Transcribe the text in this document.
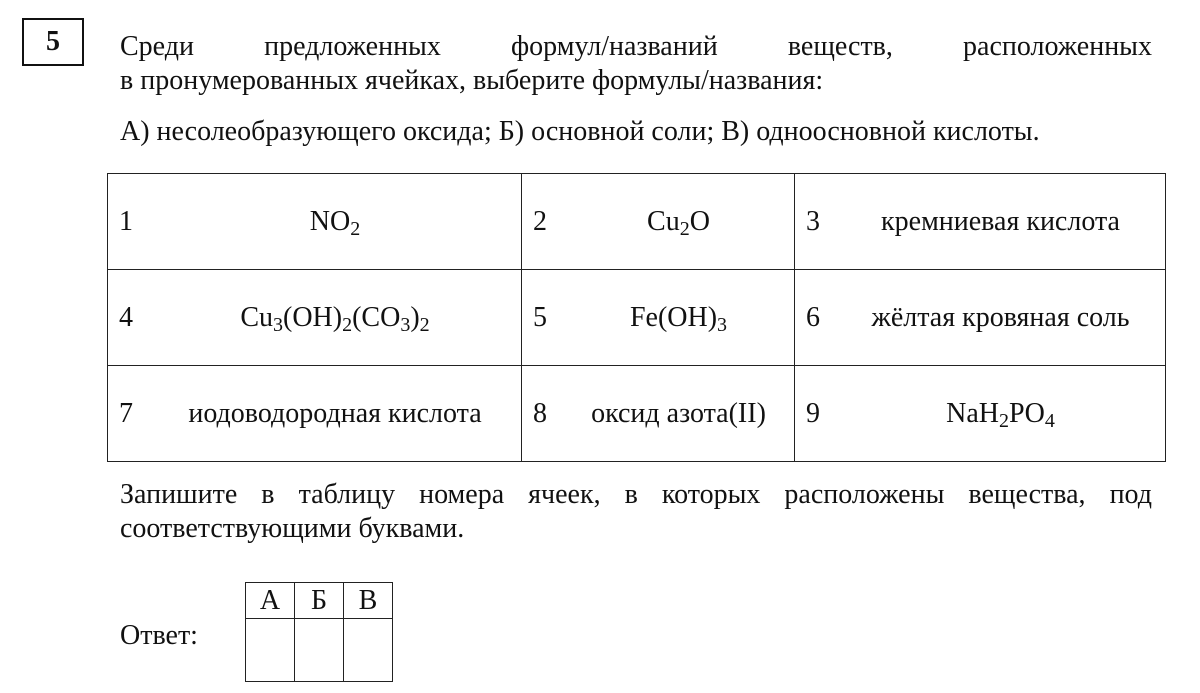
5	Среди предложенных формул/названий веществ, расположенных
в пронумерованных ячейках, выберите формулы/названия:
А) несолеобразующего оксида; Б) основной соли; В) одноосновной кислоты.
1 $NO_2$	2 $Cu_2O$	3 кремниевая кислота

4 $Cu_3(OH)_2(CO_3)_2$	5 $Fe(OH)_3$	6 жёлтая кровяная соль

7 иодоводородная кислота	8 оксид азота(II)	9 $NaH_2PO_4$
Запишите в таблицу номера ячеек, в которых расположены вещества, под
соответствующими буквами.
Ответ:
А	Б	В
